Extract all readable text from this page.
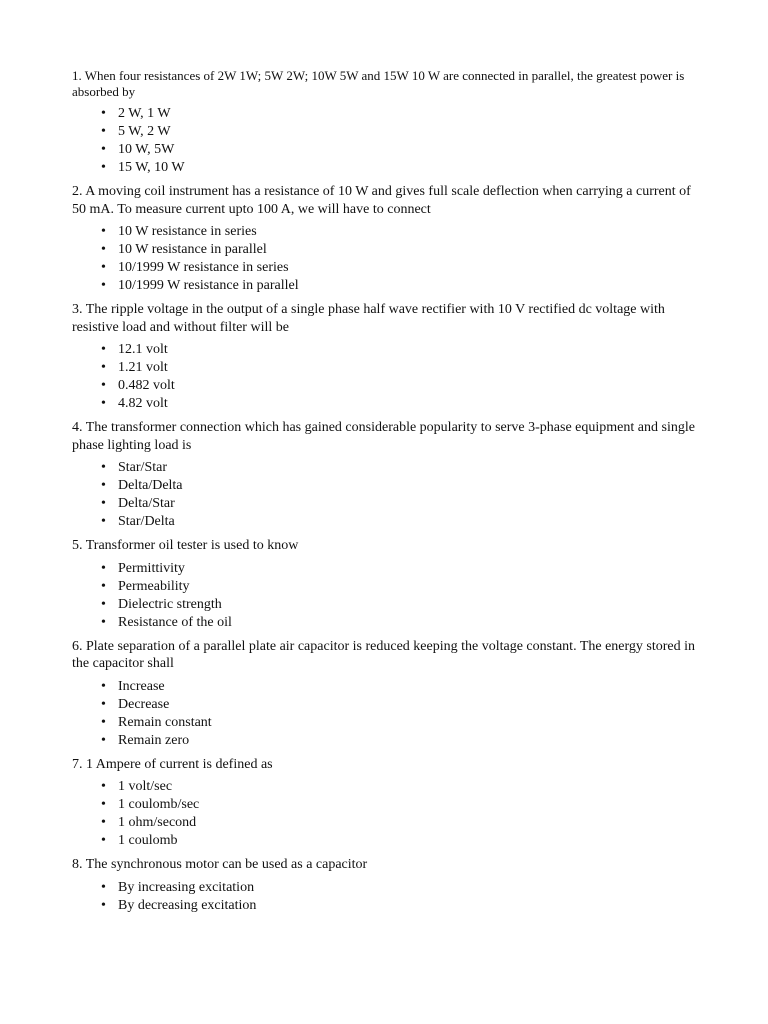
1. When four resistances of 2W 1W; 5W 2W; 10W 5W and 15W 10 W are connected in parallel, the greatest power is absorbed by

• 2 W, 1 W
• 5 W, 2 W
• 10 W, 5W
• 15 W, 10 W

2. A moving coil instrument has a resistance of 10 W and gives full scale deflection when carrying a current of 50 mA. To measure current upto 100 A, we will have to connect

• 10 W resistance in series
• 10 W resistance in parallel
• 10/1999 W resistance in series
• 10/1999 W resistance in parallel

3. The ripple voltage in the output of a single phase half wave rectifier with 10 V rectified dc voltage with resistive load and without filter will be

• 12.1 volt
• 1.21 volt
• 0.482 volt
• 4.82 volt

4. The transformer connection which has gained considerable popularity to serve 3-phase equipment and single phase lighting load is

• Star/Star
• Delta/Delta
• Delta/Star
• Star/Delta

5. Transformer oil tester is used to know

• Permittivity
• Permeability
• Dielectric strength
• Resistance of the oil

6. Plate separation of a parallel plate air capacitor is reduced keeping the voltage constant. The energy stored in the capacitor shall

• Increase
• Decrease
• Remain constant
• Remain zero

7. 1 Ampere of current is defined as

• 1 volt/sec
• 1 coulomb/sec
• 1 ohm/second
• 1 coulomb

8. The synchronous motor can be used as a capacitor

• By increasing excitation
• By decreasing excitation
